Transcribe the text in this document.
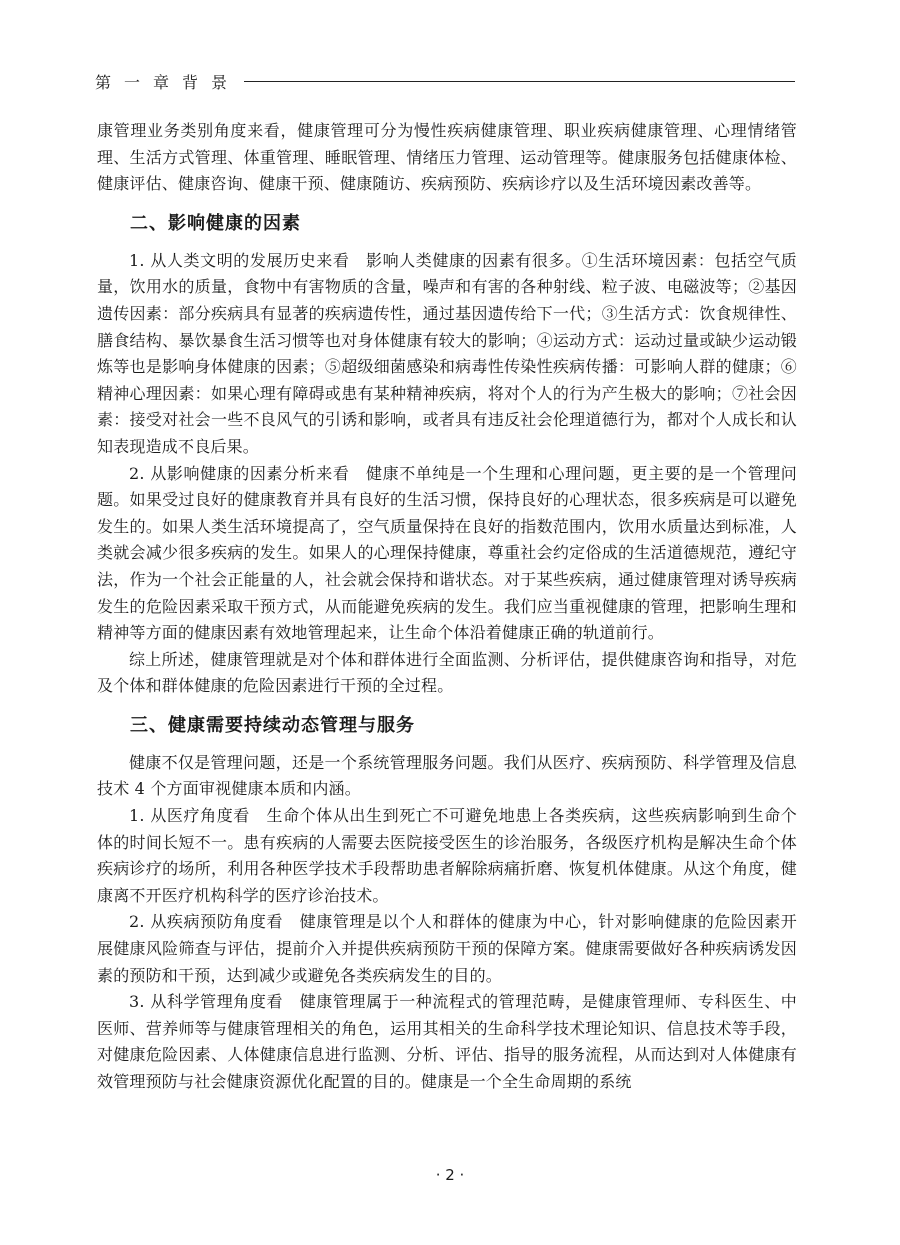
第一章背景

康管理业务类别角度来看，健康管理可分为慢性疾病健康管理、职业疾病健康管理、心理情绪管理、生活方式管理、体重管理、睡眠管理、情绪压力管理、运动管理等。健康服务包括健康体检、健康评估、健康咨询、健康干预、健康随访、疾病预防、疾病诊疗以及生活环境因素改善等。

二、影响健康的因素

1. 从人类文明的发展历史来看　影响人类健康的因素有很多。①生活环境因素：包括空气质量，饮用水的质量，食物中有害物质的含量，噪声和有害的各种射线、粒子波、电磁波等；②基因遗传因素：部分疾病具有显著的疾病遗传性，通过基因遗传给下一代；③生活方式：饮食规律性、膳食结构、暴饮暴食生活习惯等也对身体健康有较大的影响；④运动方式：运动过量或缺少运动锻炼等也是影响身体健康的因素；⑤超级细菌感染和病毒性传染性疾病传播：可影响人群的健康；⑥精神心理因素：如果心理有障碍或患有某种精神疾病，将对个人的行为产生极大的影响；⑦社会因素：接受对社会一些不良风气的引诱和影响，或者具有违反社会伦理道德行为，都对个人成长和认知表现造成不良后果。

2. 从影响健康的因素分析来看　健康不单纯是一个生理和心理问题，更主要的是一个管理问题。如果受过良好的健康教育并具有良好的生活习惯，保持良好的心理状态，很多疾病是可以避免发生的。如果人类生活环境提高了，空气质量保持在良好的指数范围内，饮用水质量达到标准，人类就会减少很多疾病的发生。如果人的心理保持健康，尊重社会约定俗成的生活道德规范，遵纪守法，作为一个社会正能量的人，社会就会保持和谐状态。对于某些疾病，通过健康管理对诱导疾病发生的危险因素采取干预方式，从而能避免疾病的发生。我们应当重视健康的管理，把影响生理和精神等方面的健康因素有效地管理起来，让生命个体沿着健康正确的轨道前行。

综上所述，健康管理就是对个体和群体进行全面监测、分析评估，提供健康咨询和指导，对危及个体和群体健康的危险因素进行干预的全过程。

三、健康需要持续动态管理与服务

健康不仅是管理问题，还是一个系统管理服务问题。我们从医疗、疾病预防、科学管理及信息技术 4 个方面审视健康本质和内涵。

1. 从医疗角度看　生命个体从出生到死亡不可避免地患上各类疾病，这些疾病影响到生命个体的时间长短不一。患有疾病的人需要去医院接受医生的诊治服务，各级医疗机构是解决生命个体疾病诊疗的场所，利用各种医学技术手段帮助患者解除病痛折磨、恢复机体健康。从这个角度，健康离不开医疗机构科学的医疗诊治技术。

2. 从疾病预防角度看　健康管理是以个人和群体的健康为中心，针对影响健康的危险因素开展健康风险筛查与评估，提前介入并提供疾病预防干预的保障方案。健康需要做好各种疾病诱发因素的预防和干预，达到减少或避免各类疾病发生的目的。

3. 从科学管理角度看　健康管理属于一种流程式的管理范畴，是健康管理师、专科医生、中医师、营养师等与健康管理相关的角色，运用其相关的生命科学技术理论知识、信息技术等手段，对健康危险因素、人体健康信息进行监测、分析、评估、指导的服务流程，从而达到对人体健康有效管理预防与社会健康资源优化配置的目的。健康是一个全生命周期的系统

· 2 ·
